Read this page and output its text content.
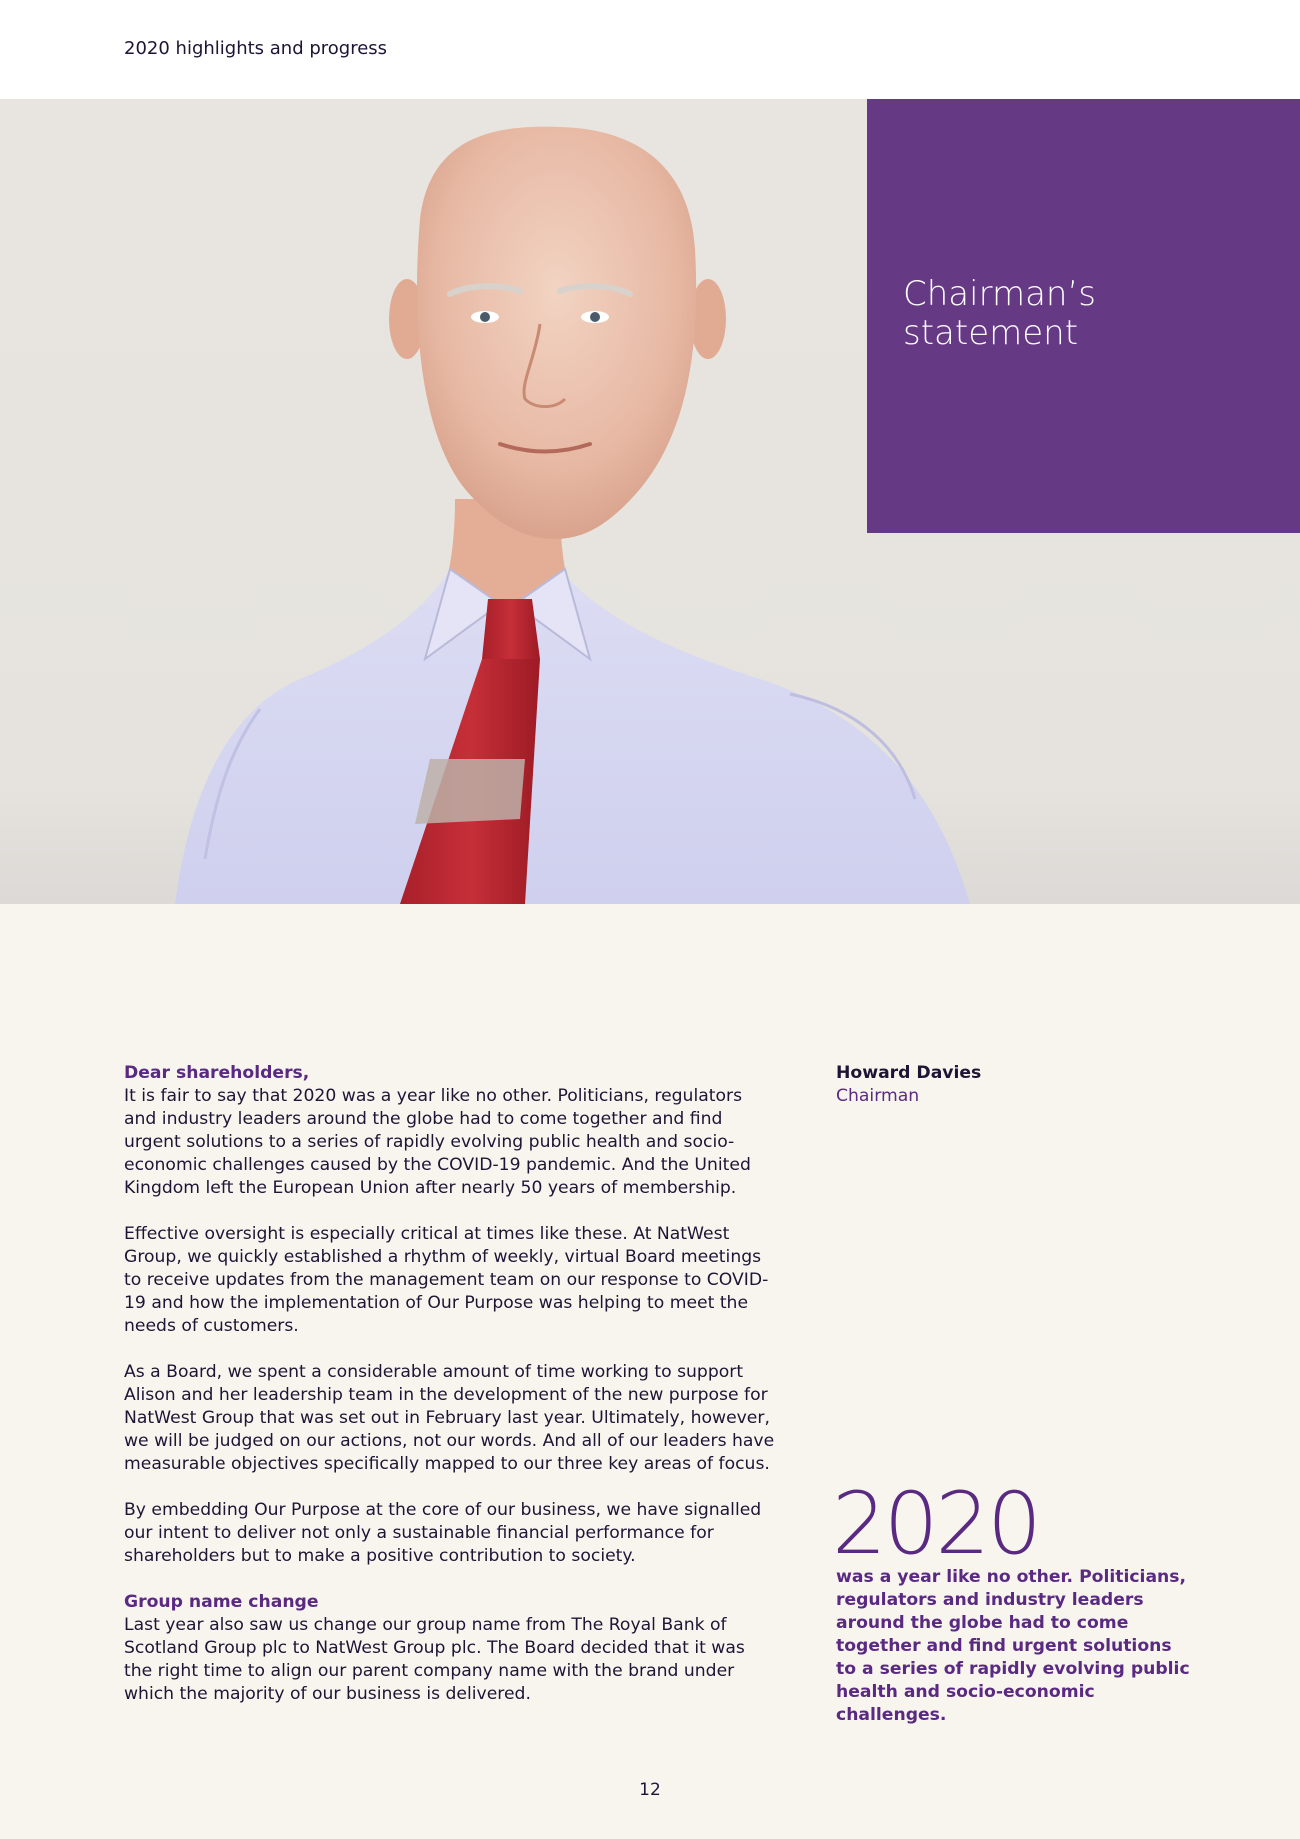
2020 highlights and progress
Chairman’s statement

Dear shareholders,
It is fair to say that 2020 was a year like no other. Politicians, regulators and industry leaders around the globe had to come together and find urgent solutions to a series of rapidly evolving public health and socio-economic challenges caused by the COVID-19 pandemic. And the United Kingdom left the European Union after nearly 50 years of membership.

Effective oversight is especially critical at times like these. At NatWest Group, we quickly established a rhythm of weekly, virtual Board meetings to receive updates from the management team on our response to COVID-19 and how the implementation of Our Purpose was helping to meet the needs of customers.

As a Board, we spent a considerable amount of time working to support Alison and her leadership team in the development of the new purpose for NatWest Group that was set out in February last year. Ultimately, however, we will be judged on our actions, not our words. And all of our leaders have measurable objectives specifically mapped to our three key areas of focus.

By embedding Our Purpose at the core of our business, we have signalled our intent to deliver not only a sustainable financial performance for shareholders but to make a positive contribution to society.

Group name change
Last year also saw us change our group name from The Royal Bank of Scotland Group plc to NatWest Group plc. The Board decided that it was the right time to align our parent company name with the brand under which the majority of our business is delivered.

Howard Davies
Chairman
2020
was a year like no other. Politicians, regulators and industry leaders around the globe had to come together and find urgent solutions to a series of rapidly evolving public health and socio-economic challenges.
12
